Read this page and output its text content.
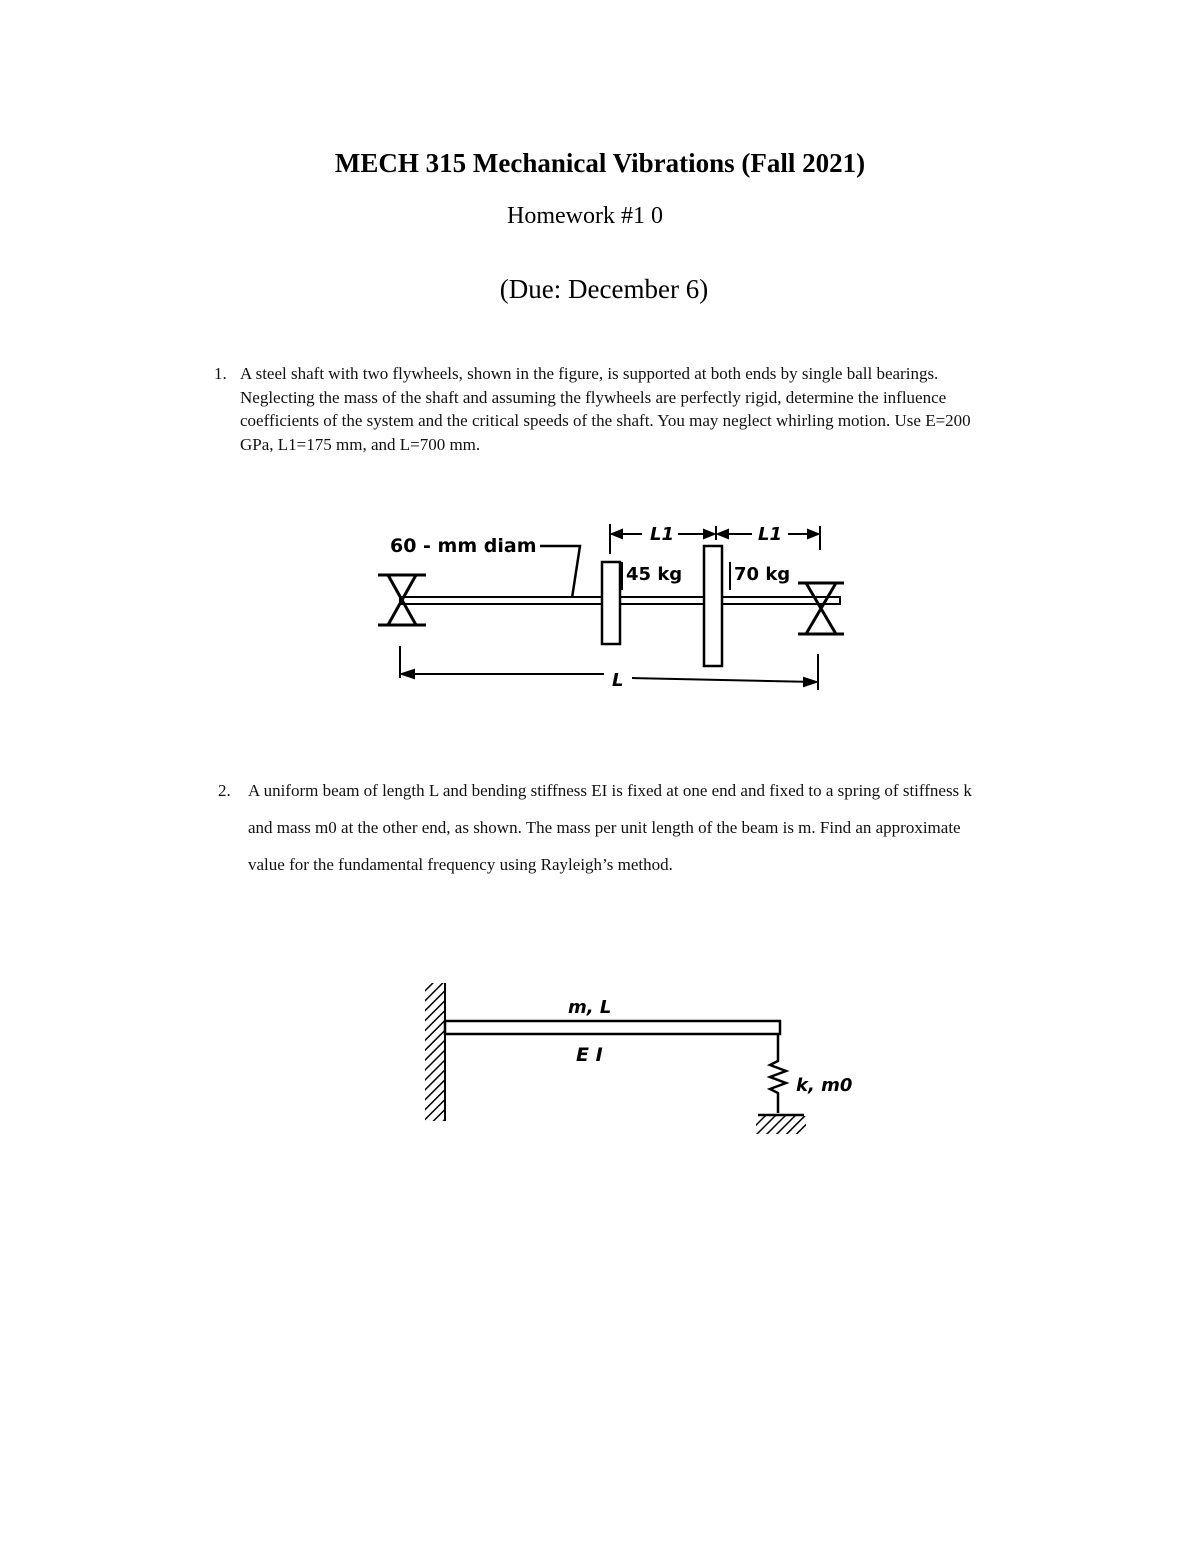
MECH 315 Mechanical Vibrations (Fall 2021)
Homework #1 0
(Due: December 6)
1. A steel shaft with two flywheels, shown in the figure, is supported at both ends by single ball bearings. Neglecting the mass of the shaft and assuming the flywheels are perfectly rigid, determine the influence coefficients of the system and the critical speeds of the shaft. You may neglect whirling motion. Use E=200 GPa, L1=175 mm, and L=700 mm.
60 - mm diam
45 kg	70 kg
L1	L1
L
2. A uniform beam of length L and bending stiffness EI is fixed at one end and fixed to a spring of stiffness k and mass m0 at the other end, as shown. The mass per unit length of the beam is m. Find an approximate value for the fundamental frequency using Rayleigh’s method.
m, L
E I
k, m0
